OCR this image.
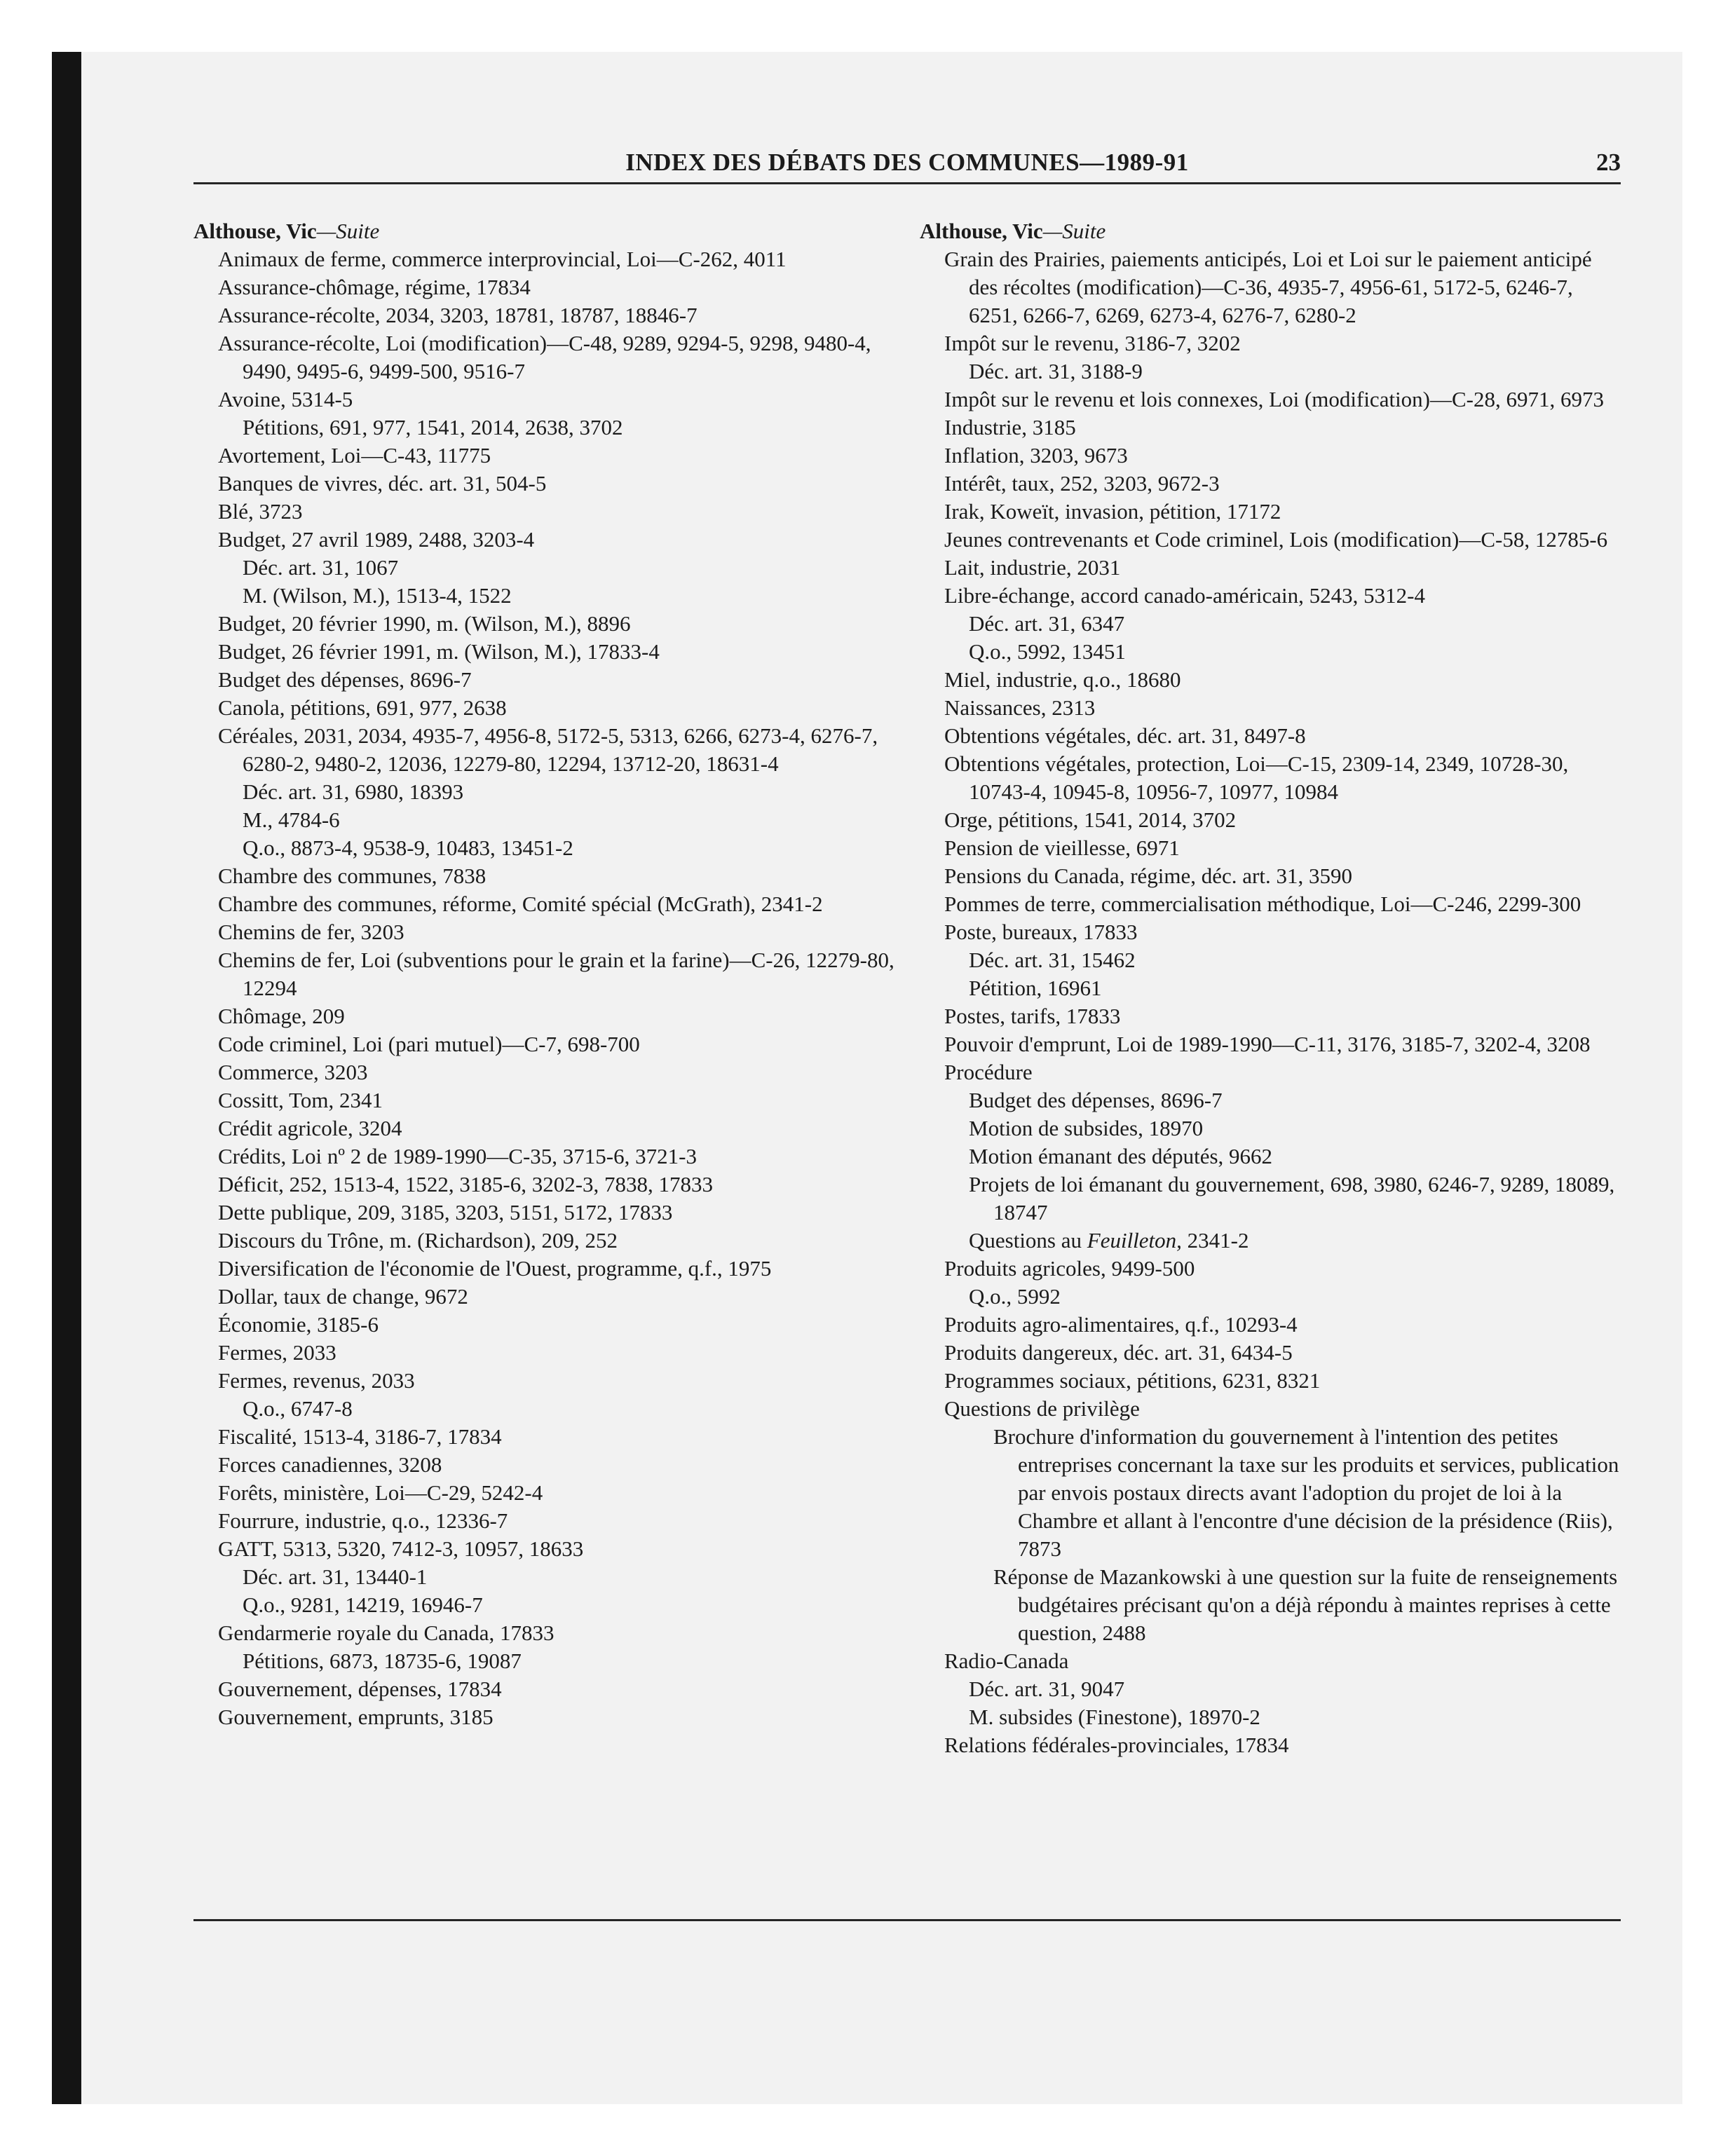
INDEX DES DÉBATS DES COMMUNES—1989-91	23
Althouse, Vic—Suite
Animaux de ferme, commerce interprovincial, Loi—C-262, 4011
Assurance-chômage, régime, 17834
Assurance-récolte, 2034, 3203, 18781, 18787, 18846-7
Assurance-récolte, Loi (modification)—C-48, 9289, 9294-5, 9298, 9480-4, 9490, 9495-6, 9499-500, 9516-7
Avoine, 5314-5
Pétitions, 691, 977, 1541, 2014, 2638, 3702
Avortement, Loi—C-43, 11775
Banques de vivres, déc. art. 31, 504-5
Blé, 3723
Budget, 27 avril 1989, 2488, 3203-4
Déc. art. 31, 1067
M. (Wilson, M.), 1513-4, 1522
Budget, 20 février 1990, m. (Wilson, M.), 8896
Budget, 26 février 1991, m. (Wilson, M.), 17833-4
Budget des dépenses, 8696-7
Canola, pétitions, 691, 977, 2638
Céréales, 2031, 2034, 4935-7, 4956-8, 5172-5, 5313, 6266, 6273-4, 6276-7, 6280-2, 9480-2, 12036, 12279-80, 12294, 13712-20, 18631-4
Déc. art. 31, 6980, 18393
M., 4784-6
Q.o., 8873-4, 9538-9, 10483, 13451-2
Chambre des communes, 7838
Chambre des communes, réforme, Comité spécial (McGrath), 2341-2
Chemins de fer, 3203
Chemins de fer, Loi (subventions pour le grain et la farine)—C-26, 12279-80, 12294
Chômage, 209
Code criminel, Loi (pari mutuel)—C-7, 698-700
Commerce, 3203
Cossitt, Tom, 2341
Crédit agricole, 3204
Crédits, Loi nº 2 de 1989-1990—C-35, 3715-6, 3721-3
Déficit, 252, 1513-4, 1522, 3185-6, 3202-3, 7838, 17833
Dette publique, 209, 3185, 3203, 5151, 5172, 17833
Discours du Trône, m. (Richardson), 209, 252
Diversification de l'économie de l'Ouest, programme, q.f., 1975
Dollar, taux de change, 9672
Économie, 3185-6
Fermes, 2033
Fermes, revenus, 2033
Q.o., 6747-8
Fiscalité, 1513-4, 3186-7, 17834
Forces canadiennes, 3208
Forêts, ministère, Loi—C-29, 5242-4
Fourrure, industrie, q.o., 12336-7
GATT, 5313, 5320, 7412-3, 10957, 18633
Déc. art. 31, 13440-1
Q.o., 9281, 14219, 16946-7
Gendarmerie royale du Canada, 17833
Pétitions, 6873, 18735-6, 19087
Gouvernement, dépenses, 17834
Gouvernement, emprunts, 3185
Althouse, Vic—Suite
Grain des Prairies, paiements anticipés, Loi et Loi sur le paiement anticipé des récoltes (modification)—C-36, 4935-7, 4956-61, 5172-5, 6246-7, 6251, 6266-7, 6269, 6273-4, 6276-7, 6280-2
Impôt sur le revenu, 3186-7, 3202
Déc. art. 31, 3188-9
Impôt sur le revenu et lois connexes, Loi (modification)—C-28, 6971, 6973
Industrie, 3185
Inflation, 3203, 9673
Intérêt, taux, 252, 3203, 9672-3
Irak, Koweït, invasion, pétition, 17172
Jeunes contrevenants et Code criminel, Lois (modification)—C-58, 12785-6
Lait, industrie, 2031
Libre-échange, accord canado-américain, 5243, 5312-4
Déc. art. 31, 6347
Q.o., 5992, 13451
Miel, industrie, q.o., 18680
Naissances, 2313
Obtentions végétales, déc. art. 31, 8497-8
Obtentions végétales, protection, Loi—C-15, 2309-14, 2349, 10728-30, 10743-4, 10945-8, 10956-7, 10977, 10984
Orge, pétitions, 1541, 2014, 3702
Pension de vieillesse, 6971
Pensions du Canada, régime, déc. art. 31, 3590
Pommes de terre, commercialisation méthodique, Loi—C-246, 2299-300
Poste, bureaux, 17833
Déc. art. 31, 15462
Pétition, 16961
Postes, tarifs, 17833
Pouvoir d'emprunt, Loi de 1989-1990—C-11, 3176, 3185-7, 3202-4, 3208
Procédure
Budget des dépenses, 8696-7
Motion de subsides, 18970
Motion émanant des députés, 9662
Projets de loi émanant du gouvernement, 698, 3980, 6246-7, 9289, 18089, 18747
Questions au Feuilleton, 2341-2
Produits agricoles, 9499-500
Q.o., 5992
Produits agro-alimentaires, q.f., 10293-4
Produits dangereux, déc. art. 31, 6434-5
Programmes sociaux, pétitions, 6231, 8321
Questions de privilège
Brochure d'information du gouvernement à l'intention des petites entreprises concernant la taxe sur les produits et services, publication par envois postaux directs avant l'adoption du projet de loi à la Chambre et allant à l'encontre d'une décision de la présidence (Riis), 7873
Réponse de Mazankowski à une question sur la fuite de renseignements budgétaires précisant qu'on a déjà répondu à maintes reprises à cette question, 2488
Radio-Canada
Déc. art. 31, 9047
M. subsides (Finestone), 18970-2
Relations fédérales-provinciales, 17834
